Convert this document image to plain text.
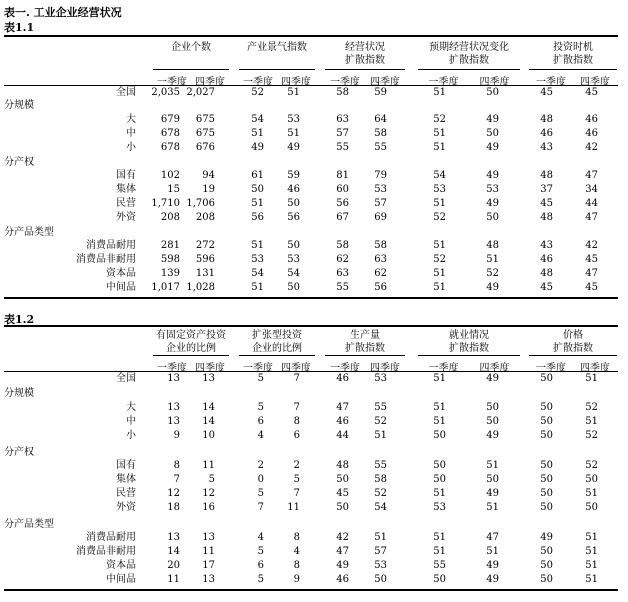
表一. 工业企业经营状况
表1.1
企业个数
一季度 四季度
产业景气指数
一季度 四季度
经营状况
扩散指数
一季度	四季度
预期经营状况变化
扩散指数
一季度	四季度
投资时机
扩散指数
一季度	四季度
全国 2,035 2,027	52 51	58	59	51	50	45	45
分规模
大 679 675	54 53	63	64	52	49	48	46
中 678 675	51 51	57	58	51	50	46	46
小 678 676	49 49	55	55	51	49	43	42
分产权
国有 102 94	61 59	81	79	54	49	48	47
集体	15 19	50 46	60	53	53	53	37	34
民营 1,710 1,706	51 50	56	57	51	49	45	44
外资 208 208	56 56	67	69	52	50	48	47
分产品类型
消费品耐用 281 272	51 50	58	58	51	48	43	42
消费品非耐用 598 596	53 53	62	63	52	51	46	45
资本品 139 131	54 54	63	62	51	52	48	47
中间品 1,017 1,028	51 50	55	56	51	49	45	45
表1.2
有固定资产投资
企业的比例
一季度 四季度
扩张型投资
企业的比例
一季度 四季度
生产量
扩散指数
一季度	四季度
就业情况
扩散指数
一季度	四季度
价格
扩散指数
一季度	四季度
全国	13 13	5	7	46	53	51	49	50	51
分规模
大	13 14	5	7	47	55	51	50	50	52
中	13 14	6	8	46	52	51	50	50	51
小	9 10	4	6	44	51	50	49	50	52
分产权
国有	8 11	2	2	48	55	50	51	50	52
集体	7	5	0	5	50	58	50	50	50	50
民营	12 12	5	7	45	52	51	49	50	51
外资	18 16	7 11	50	54	53	51	50	50
分产品类型
消费品耐用	13 13	4	8	42	51	51	47	49	51
消费品非耐用	14 11	5	4	47	57	51	51	50	51
资本品	20 17	6	8	49	53	55	49	50	51
中间品	11 13	5	9	46	50	50	49	50	51
